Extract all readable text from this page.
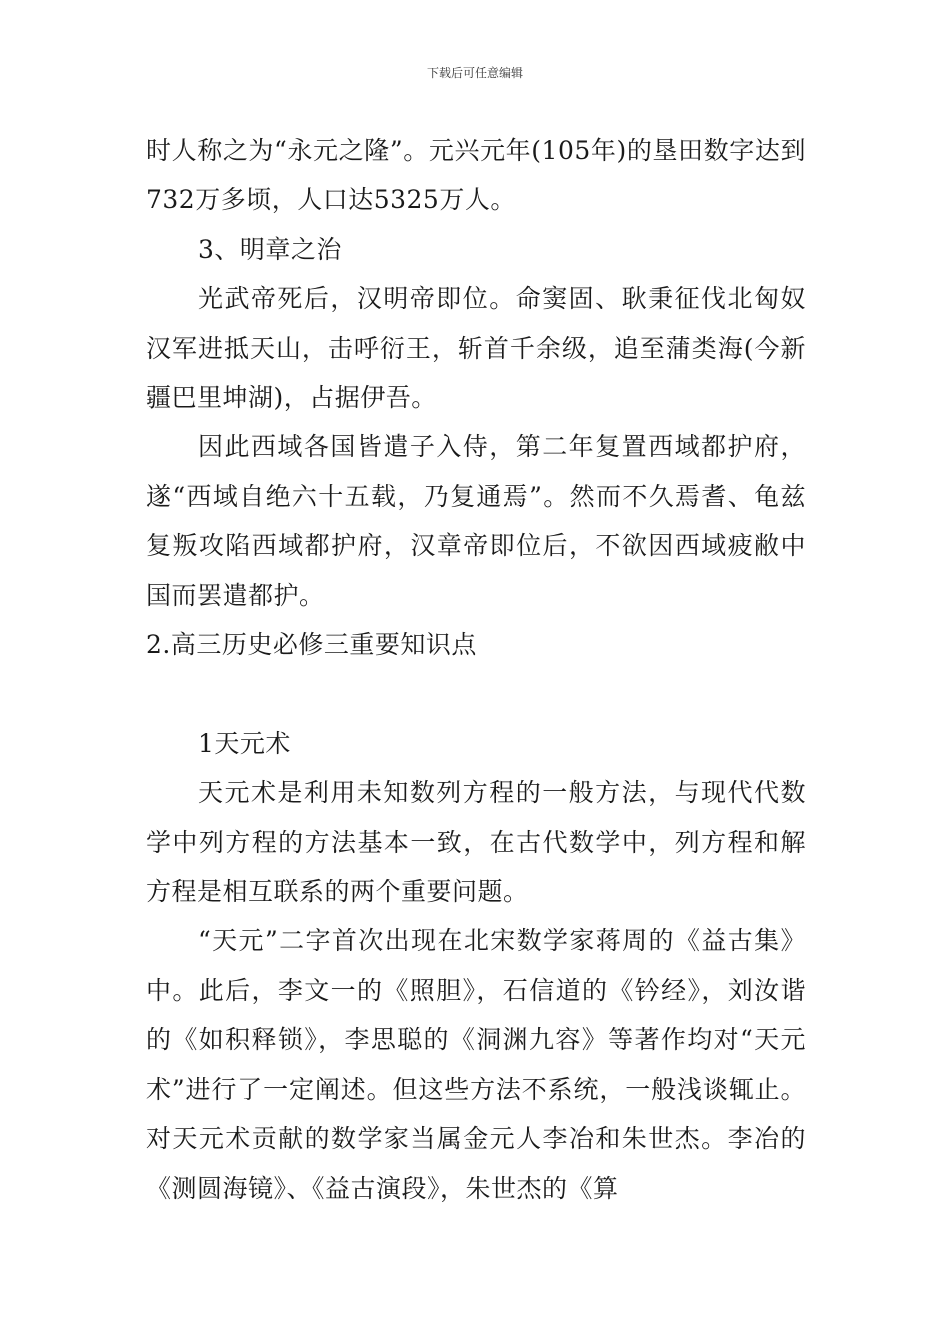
下载后可任意编辑

时人称之为“永元之隆”。元兴元年(105年)的垦田数字达到732万多顷，人口达5325万人。

3、明章之治

光武帝死后，汉明帝即位。命窦固、耿秉征伐北匈奴汉军进抵天山，击呼衍王，斩首千余级，追至蒲类海(今新疆巴里坤湖)，占据伊吾。

因此西域各国皆遣子入侍，第二年复置西域都护府，遂“西域自绝六十五载，乃复通焉”。然而不久焉耆、龟兹复叛攻陷西域都护府，汉章帝即位后，不欲因西域疲敝中国而罢遣都护。

2.高三历史必修三重要知识点

1天元术

天元术是利用未知数列方程的一般方法，与现代代数学中列方程的方法基本一致，在古代数学中，列方程和解方程是相互联系的两个重要问题。

“天元”二字首次出现在北宋数学家蒋周的《益古集》中。此后，李文一的《照胆》，石信道的《钤经》，刘汝谐的《如积释锁》，李思聪的《洞渊九容》等著作均对“天元术”进行了一定阐述。但这些方法不系统，一般浅谈辄止。对天元术贡献的数学家当属金元人李冶和朱世杰。李冶的《测圆海镜》、《益古演段》，朱世杰的《算
